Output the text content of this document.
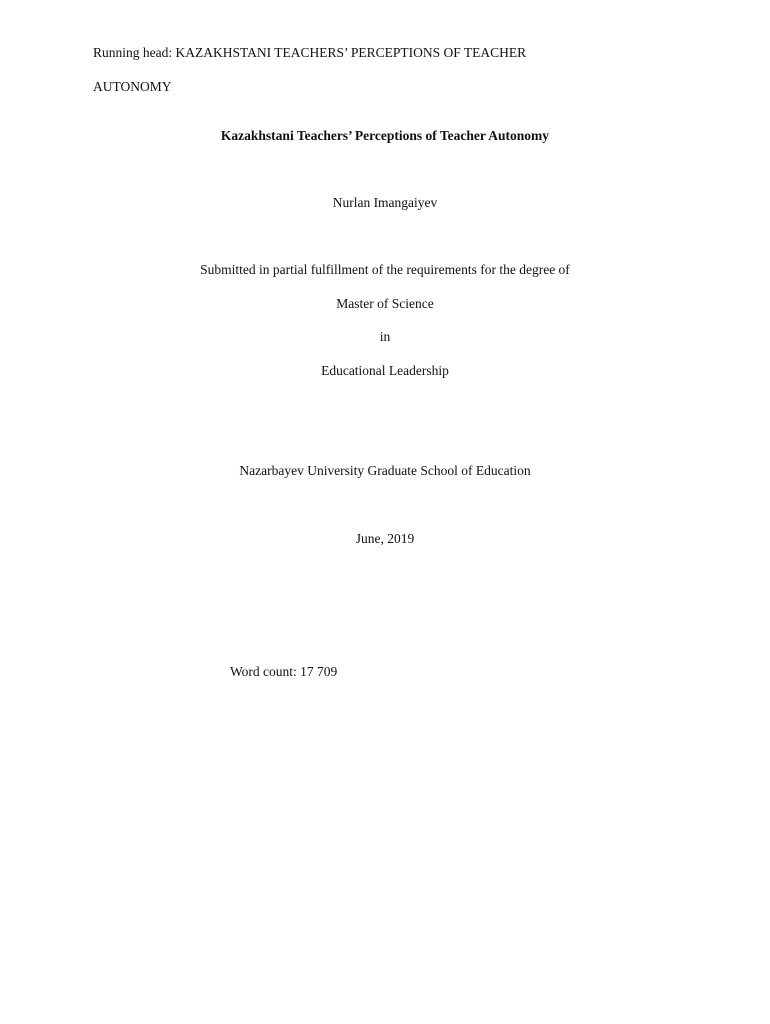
Running head: KAZAKHSTANI TEACHERS’ PERCEPTIONS OF TEACHER
AUTONOMY
Kazakhstani Teachers’ Perceptions of Teacher Autonomy
Nurlan Imangaiyev
Submitted in partial fulfillment of the requirements for the degree of
Master of Science
in
Educational Leadership
Nazarbayev University Graduate School of Education
June, 2019
Word count: 17 709
